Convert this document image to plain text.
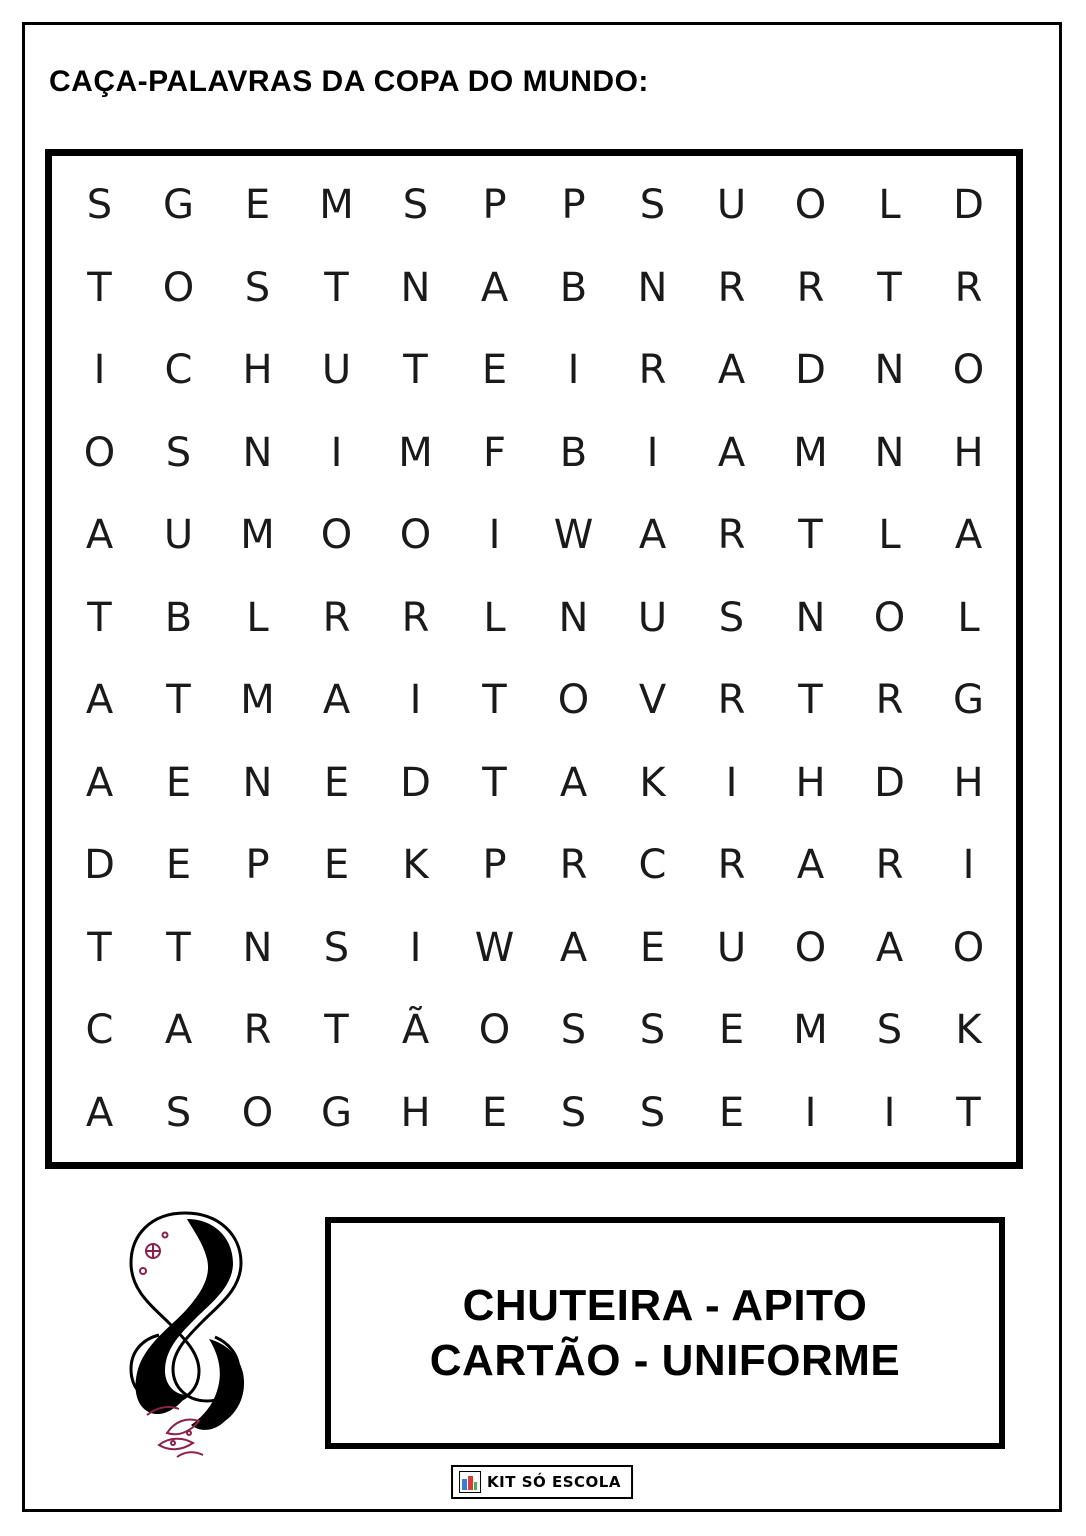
CAÇA-PALAVRAS DA COPA DO MUNDO:
S G E M S P P S U O L D
T O S T N A B N R R T R
I C H U T E I R A D N O
O S N I M F B I A M N H
A U M O O I W A R T L A
T B L R R L N U S N O L
A T M A I T O V R T R G
A E N E D T A K I H D H
D E P E K P R C R A R I
T T N S I W A E U O A O
C A R T Ã O S S E M S K
A S O G H E S S E I I T
CHUTEIRA - APITO
CARTÃO - UNIFORME
KIT SÓ ESCOLA
